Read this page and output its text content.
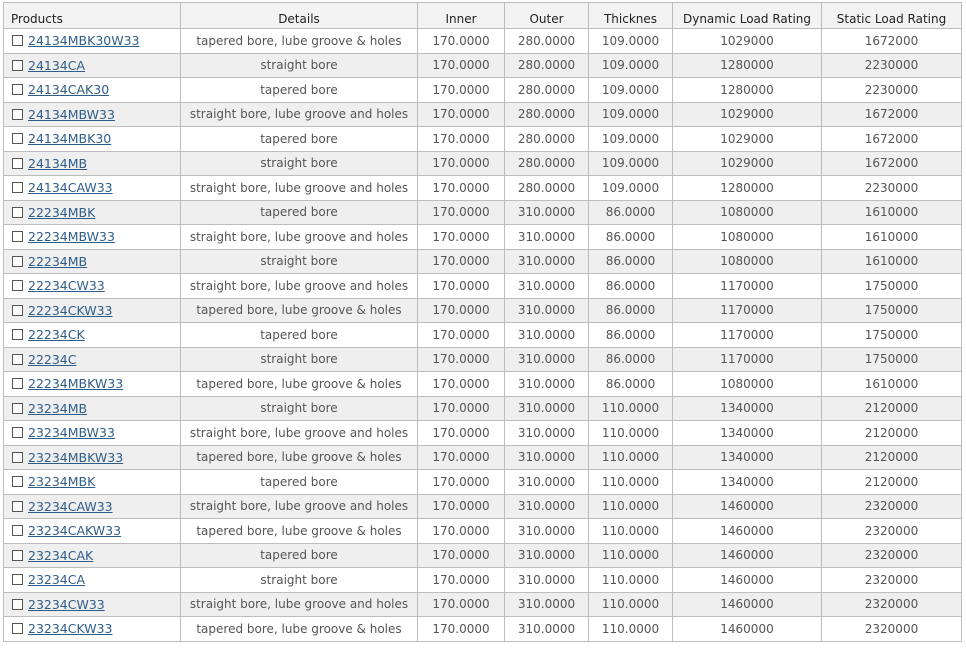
Products	Details	Inner	Outer	Thicknes	Dynamic Load Rating	Static Load Rating
24134MBK30W33	tapered bore, lube groove & holes	170.0000	280.0000	109.0000	1029000	1672000
24134CA	straight bore	170.0000	280.0000	109.0000	1280000	2230000
24134CAK30	tapered bore	170.0000	280.0000	109.0000	1280000	2230000
24134MBW33	straight bore, lube groove and holes	170.0000	280.0000	109.0000	1029000	1672000
24134MBK30	tapered bore	170.0000	280.0000	109.0000	1029000	1672000
24134MB	straight bore	170.0000	280.0000	109.0000	1029000	1672000
24134CAW33	straight bore, lube groove and holes	170.0000	280.0000	109.0000	1280000	2230000
22234MBK	tapered bore	170.0000	310.0000	86.0000	1080000	1610000
22234MBW33	straight bore, lube groove and holes	170.0000	310.0000	86.0000	1080000	1610000
22234MB	straight bore	170.0000	310.0000	86.0000	1080000	1610000
22234CW33	straight bore, lube groove and holes	170.0000	310.0000	86.0000	1170000	1750000
22234CKW33	tapered bore, lube groove & holes	170.0000	310.0000	86.0000	1170000	1750000
22234CK	tapered bore	170.0000	310.0000	86.0000	1170000	1750000
22234C	straight bore	170.0000	310.0000	86.0000	1170000	1750000
22234MBKW33	tapered bore, lube groove & holes	170.0000	310.0000	86.0000	1080000	1610000
23234MB	straight bore	170.0000	310.0000	110.0000	1340000	2120000
23234MBW33	straight bore, lube groove and holes	170.0000	310.0000	110.0000	1340000	2120000
23234MBKW33	tapered bore, lube groove & holes	170.0000	310.0000	110.0000	1340000	2120000
23234MBK	tapered bore	170.0000	310.0000	110.0000	1340000	2120000
23234CAW33	straight bore, lube groove and holes	170.0000	310.0000	110.0000	1460000	2320000
23234CAKW33	tapered bore, lube groove & holes	170.0000	310.0000	110.0000	1460000	2320000
23234CAK	tapered bore	170.0000	310.0000	110.0000	1460000	2320000
23234CA	straight bore	170.0000	310.0000	110.0000	1460000	2320000
23234CW33	straight bore, lube groove and holes	170.0000	310.0000	110.0000	1460000	2320000
23234CKW33	tapered bore, lube groove & holes	170.0000	310.0000	110.0000	1460000	2320000
